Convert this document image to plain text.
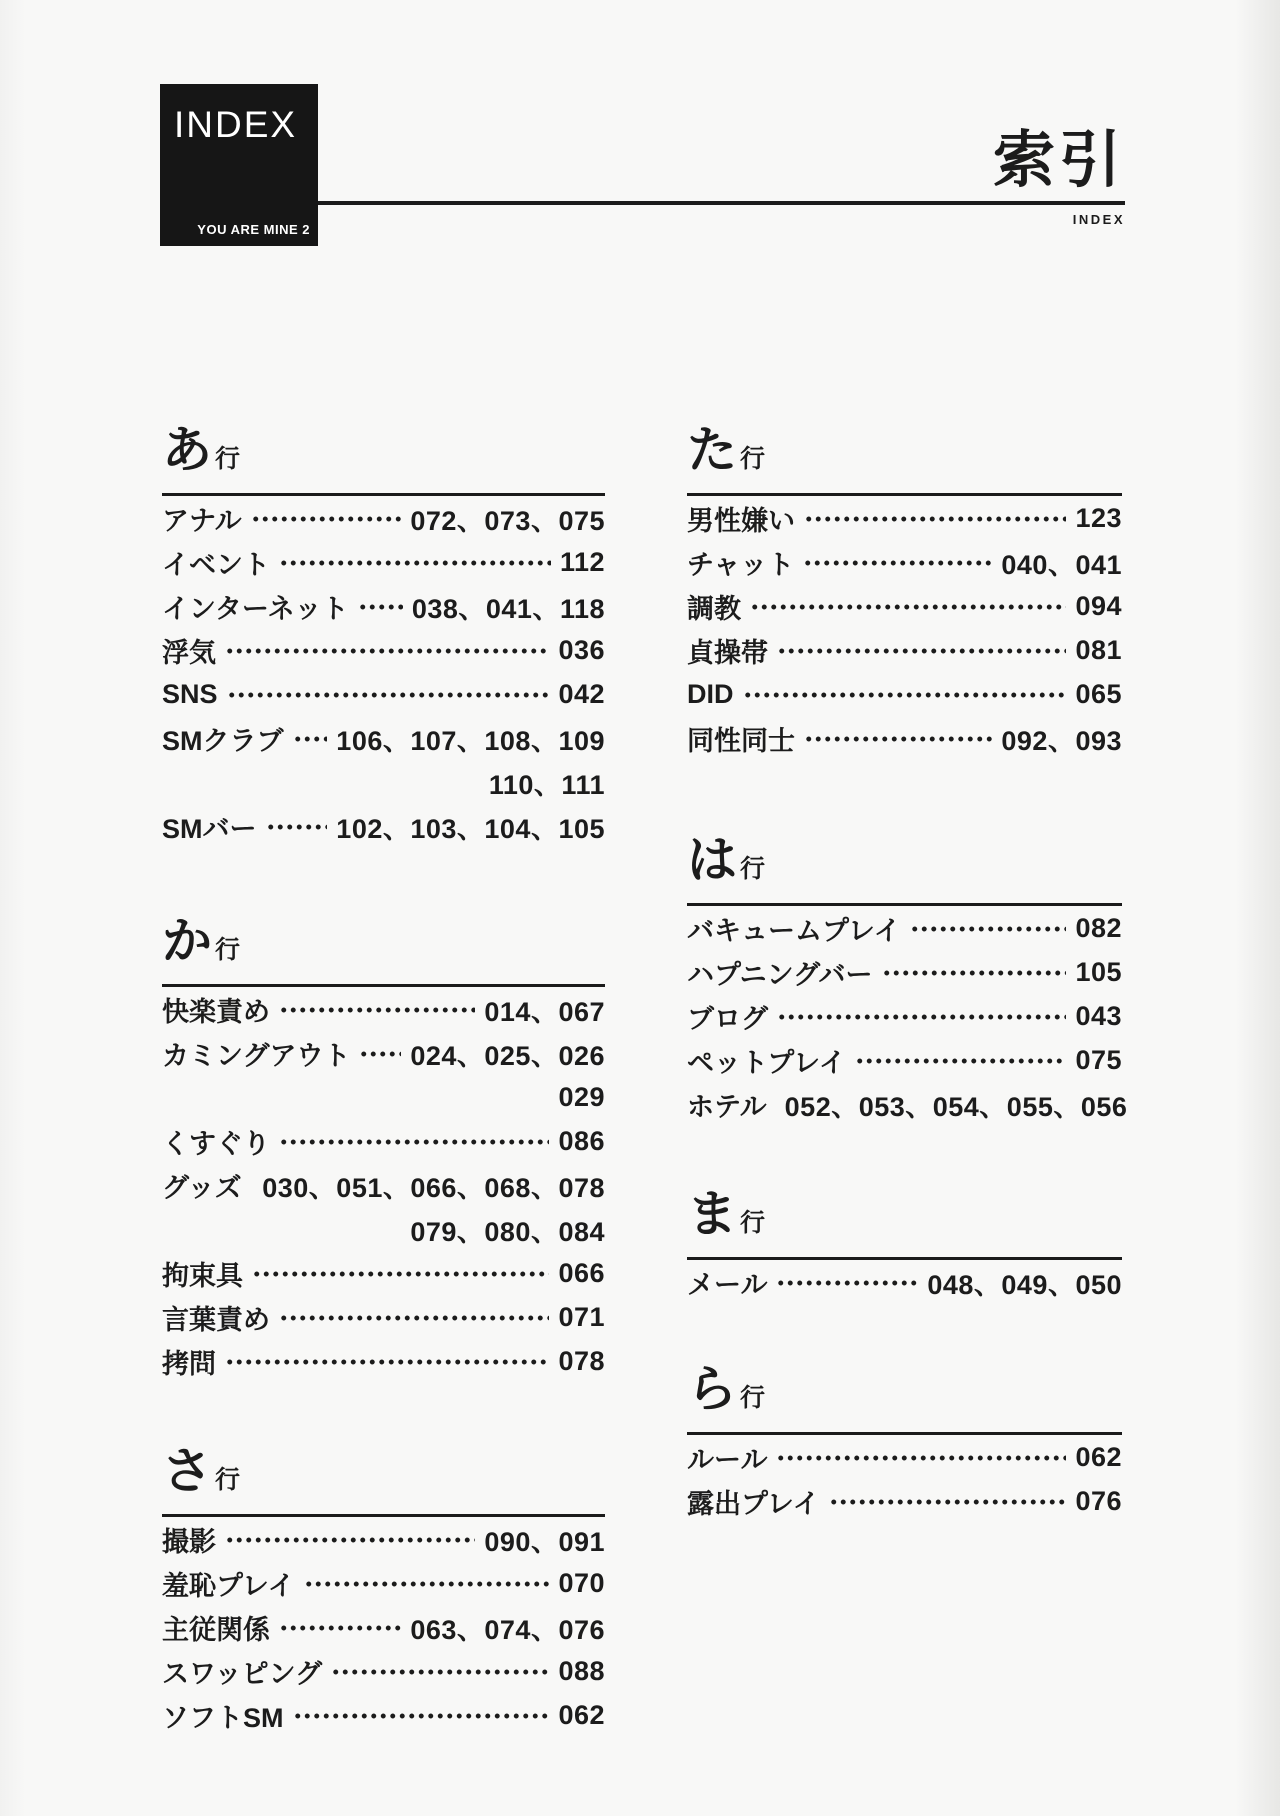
INDEX
YOU ARE MINE 2
索引
INDEX
あ行
アナル	072、073、075
イベント	112
インターネット 038、041、118
浮気	036
SNS	042
SMクラブ 106、107、108、109
110、111
SMバー	102、103、104、105
か行
快楽責め	014、067
カミングアウト 024、025、026
029
くすぐり	086
グッズ 030、051、066、068、078
079、080、084
拘束具	066
言葉責め	071
拷問	078
さ行
撮影	090、091
羞恥プレイ	070
主従関係	063、074、076
スワッピング	088
ソフトSM	062
た行
男性嫌い	123
チャット	040、041
調教	094
貞操帯	081
DID	065
同性同士	092、093
は行
バキュームプレイ	082
ハプニングバー	105
ブログ	043
ペットプレイ	075
ホテル 052、053、054、055、056
ま行
メール	048、049、050
ら行
ルール	062
露出プレイ	076
